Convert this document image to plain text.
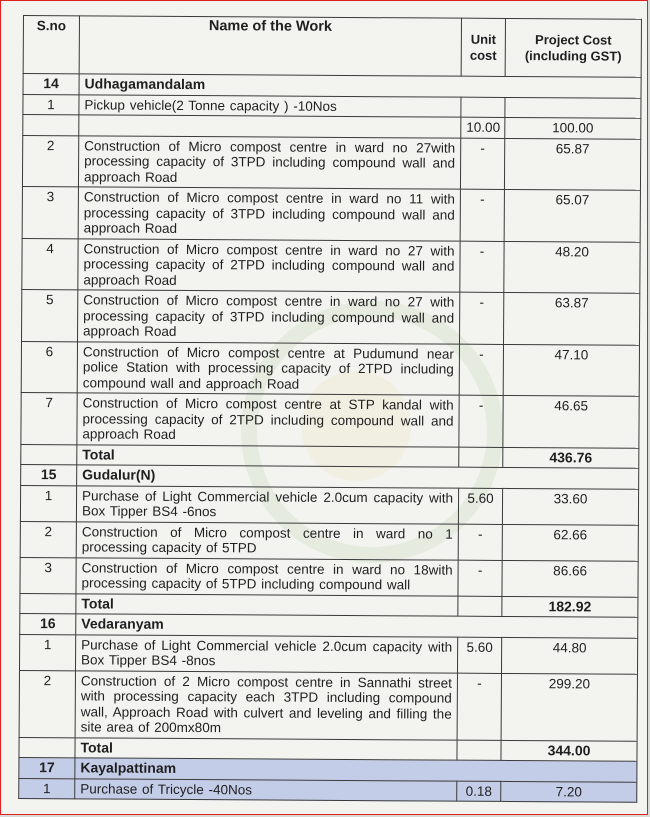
S.no	Name of the Work	Unit cost	Project Cost (including GST)
14	Udhagamandalam		
1	Pickup vehicle(2 Tonne capacity ) -10Nos		
		10.00	100.00
2	Construction of Micro compost centre in ward no 27with processing capacity of 3TPD including compound wall and approach Road	-	65.87
3	Construction of Micro compost centre in ward no 11 with processing capacity of 3TPD including compound wall and approach Road	-	65.07
4	Construction of Micro compost centre in ward no 27 with processing capacity of 2TPD including compound wall and approach Road	-	48.20
5	Construction of Micro compost centre in ward no 27 with processing capacity of 3TPD including compound wall and approach Road	-	63.87
6	Construction of Micro compost centre at Pudumund near police Station with processing capacity of 2TPD including compound wall and approach Road	-	47.10
7	Construction of Micro compost centre at STP kandal with processing capacity of 2TPD including compound wall and approach Road	-	46.65
	Total		436.76
15	Gudalur(N)		
1	Purchase of Light Commercial vehicle 2.0cum capacity with Box Tipper BS4 -6nos	5.60	33.60
2	Construction of Micro compost centre in ward no 1 processing capacity of 5TPD	-	62.66
3	Construction of Micro compost centre in ward no 18with processing capacity of 5TPD including compound wall	-	86.66
	Total		182.92
16	Vedaranyam		
1	Purchase of Light Commercial vehicle 2.0cum capacity with Box Tipper BS4 -8nos	5.60	44.80
2	Construction of 2 Micro compost centre in Sannathi street with processing capacity each 3TPD including compound wall, Approach Road with culvert and leveling and filling the site area of 200mx80m	-	299.20
	Total		344.00
17	Kayalpattinam		
1	Purchase of Tricycle -40Nos	0.18	7.20
